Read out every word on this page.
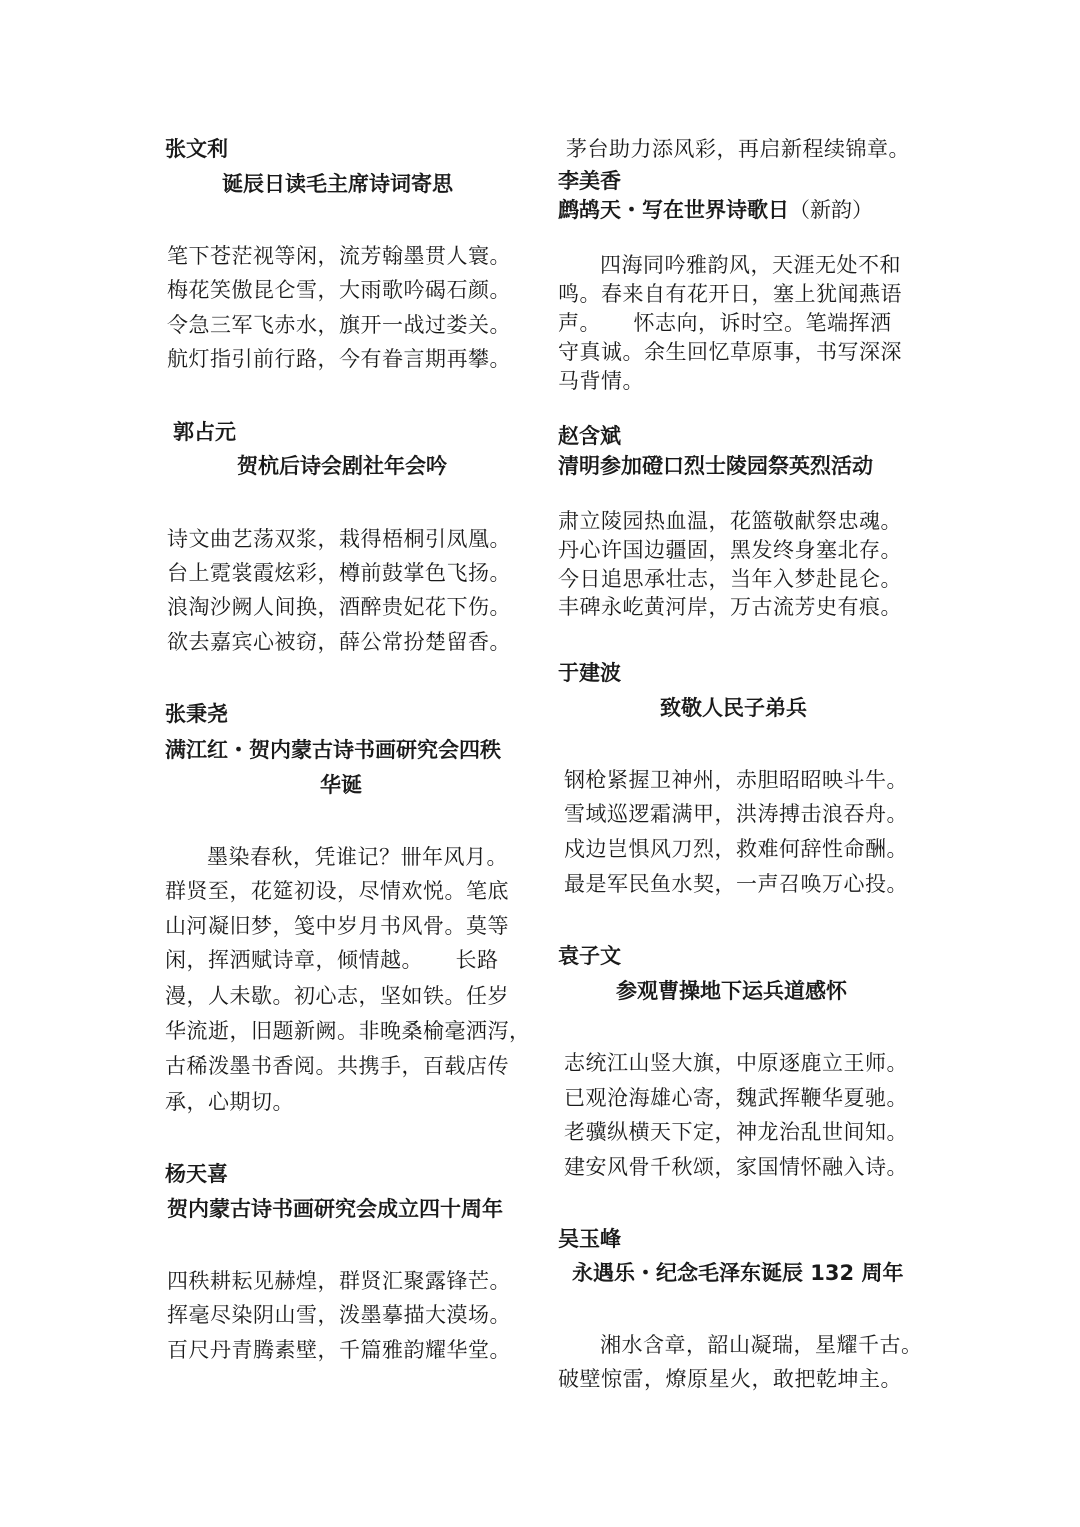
张文利
诞辰日读毛主席诗词寄思
笔下苍茫视等闲，流芳翰墨贯人寰。
梅花笑傲昆仑雪，大雨歌吟碣石颜。
令急三军飞赤水，旗开一战过娄关。
航灯指引前行路，今有眷言期再攀。
郭占元
贺杭后诗会剧社年会吟
诗文曲艺荡双浆，栽得梧桐引凤凰。
台上霓裳霞炫彩，樽前鼓掌色飞扬。
浪淘沙阙人间换，酒醉贵妃花下伤。
欲去嘉宾心被窃，薛公常扮楚留香。
张秉尧
满江红・贺内蒙古诗书画研究会四秩
华诞
墨染春秋，凭谁记？卌年风月。
群贤至，花筵初设，尽情欢悦。笔底
山河凝旧梦，笺中岁月书风骨。莫等
闲，挥洒赋诗章，倾情越。　　长路
漫，人未歇。初心志，坚如铁。任岁
华流逝，旧题新阙。非晚桑榆毫洒泻，
古稀泼墨书香阅。共携手，百载店传
承，心期切。
杨天喜
贺内蒙古诗书画研究会成立四十周年
四秩耕耘见赫煌，群贤汇聚露锋芒。
挥毫尽染阴山雪，泼墨摹描大漠场。
百尺丹青腾素壁，千篇雅韵耀华堂。
茅台助力添风彩，再启新程续锦章。
李美香
鹧鸪天・写在世界诗歌日（新韵）
四海同吟雅韵风，天涯无处不和
鸣。春来自有花开日，塞上犹闻燕语
声。　　怀志向，诉时空。笔端挥洒
守真诚。余生回忆草原事，书写深深
马背情。
赵含斌
清明参加磴口烈士陵园祭英烈活动
肃立陵园热血温，花篮敬献祭忠魂。
丹心许国边疆固，黑发终身塞北存。
今日追思承壮志，当年入梦赴昆仑。
丰碑永屹黄河岸，万古流芳史有痕。
于建波
致敬人民子弟兵
钢枪紧握卫神州，赤胆昭昭映斗牛。
雪域巡逻霜满甲，洪涛搏击浪吞舟。
戍边岂惧风刀烈，救难何辞性命酬。
最是军民鱼水契，一声召唤万心投。
袁子文
参观曹操地下运兵道感怀
志统江山竖大旗，中原逐鹿立王师。
已观沧海雄心寄，魏武挥鞭华夏驰。
老骥纵横天下定，神龙治乱世间知。
建安风骨千秋颂，家国情怀融入诗。
吴玉峰
永遇乐・纪念毛泽东诞辰 132 周年
湘水含章，韶山凝瑞，星耀千古。
破壁惊雷，燎原星火，敢把乾坤主。
